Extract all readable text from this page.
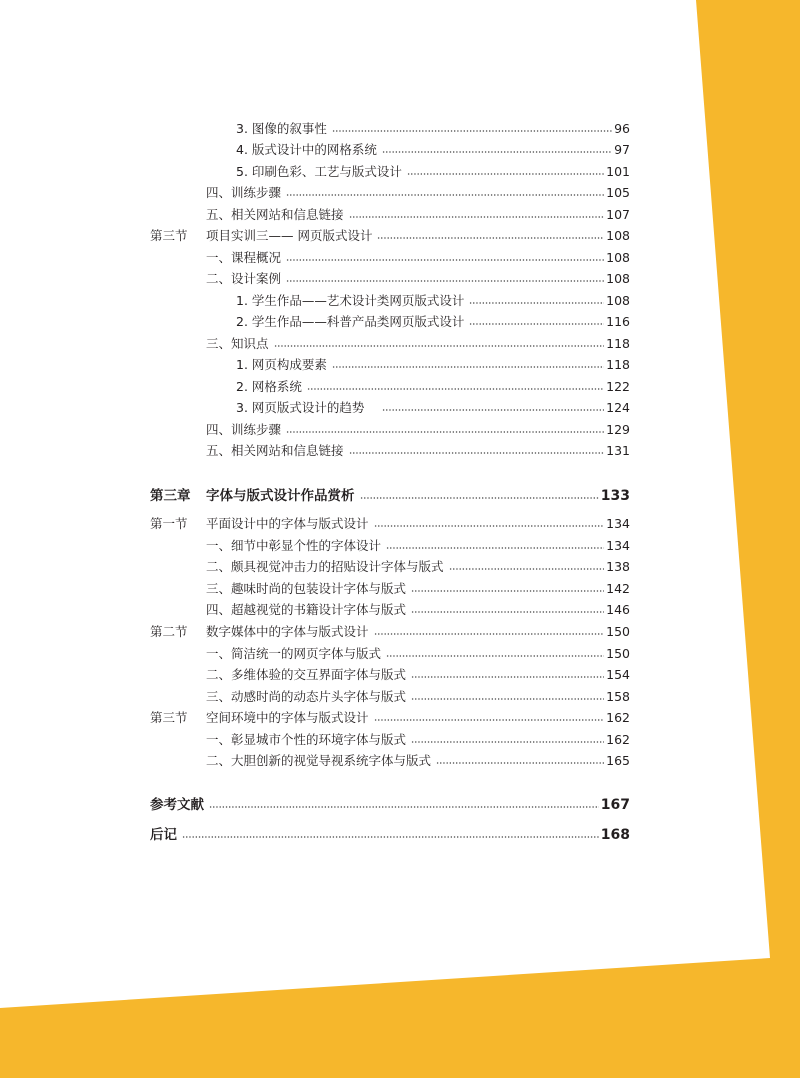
3. 图像的叙事性	96
4. 版式设计中的网格系统	97
5. 印刷色彩、工艺与版式设计	101
四、训练步骤	105
五、相关网站和信息链接	107
第三节	项目实训三—— 网页版式设计	108
一、课程概况	108
二、设计案例	108
1. 学生作品——艺术设计类网页版式设计	108
2. 学生作品——科普产品类网页版式设计	116
三、知识点	118
1. 网页构成要素	118
2. 网格系统	122
3. 网页版式设计的趋势	124
四、训练步骤	129
五、相关网站和信息链接	131
第三章	字体与版式设计作品赏析	133
第一节	平面设计中的字体与版式设计	134
一、细节中彰显个性的字体设计	134
二、颇具视觉冲击力的招贴设计字体与版式	138
三、趣味时尚的包装设计字体与版式	142
四、超越视觉的书籍设计字体与版式	146
第二节	数字媒体中的字体与版式设计	150
一、简洁统一的网页字体与版式	150
二、多维体验的交互界面字体与版式	154
三、动感时尚的动态片头字体与版式	158
第三节	空间环境中的字体与版式设计	162
一、彰显城市个性的环境字体与版式	162
二、大胆创新的视觉导视系统字体与版式	165
参考文献	167
后记	168
